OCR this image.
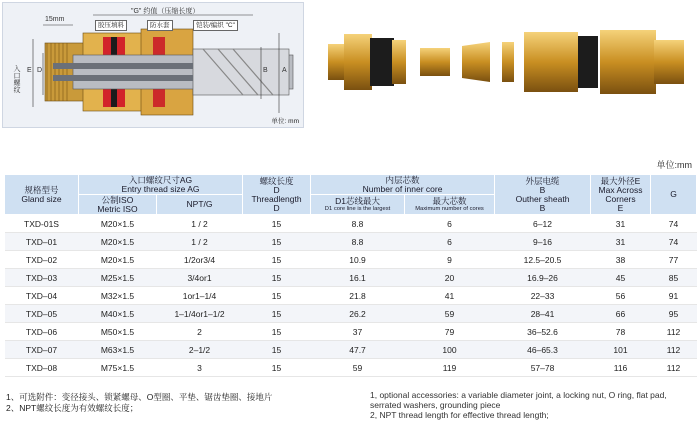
"G" 约值（压缩长度）
15mm
胶压填料	防水套	铠装/编织 "C"
入口螺纹 E D	B A
单位: mm
单位:mm
规格型号
Gland size	入口螺纹尺寸AG
Entry thread size AG		螺纹长度
D
Threadlength
D	内层芯数
Number of inner core		外层电缆
B
Outher sheath
B	最大外径E
Max Across
Corners
E	G

	公制ISO
Metric ISO	NPT/G		D1芯线最大
D1 core line is the largest	最大芯数
Maximum number of cores			

TXD-01S	M20×1.5	1 / 2	15	8.8	6	6–12	31	74
TXD–01	M20×1.5	1 / 2	15	8.8	6	9–16	31	74
TXD–02	M20×1.5	1/2or3/4	15	10.9	9	12.5–20.5	38	77
TXD–03	M25×1.5	3/4or1	15	16.1	20	16.9–26	45	85
TXD–04	M32×1.5	1or1–1/4	15	21.8	41	22–33	56	91
TXD–05	M40×1.5	1–1/4or1–1/2	15	26.2	59	28–41	66	95
TXD–06	M50×1.5	2	15	37	79	36–52.6	78	112
TXD–07	M63×1.5	2–1/2	15	47.7	100	46–65.3	101	112
TXD–08	M75×1.5	3	15	59	119	57–78	116	112
1、可选附件：变径接头、锁紧螺母、O型圈、平垫、锯齿垫圈、接地片
2、NPT螺纹长度为有效螺纹长度；
1, optional accessories: a variable diameter joint, a locking nut, O ring, flat pad, serrated washers, grounding piece
2, NPT thread length for effective thread length;
